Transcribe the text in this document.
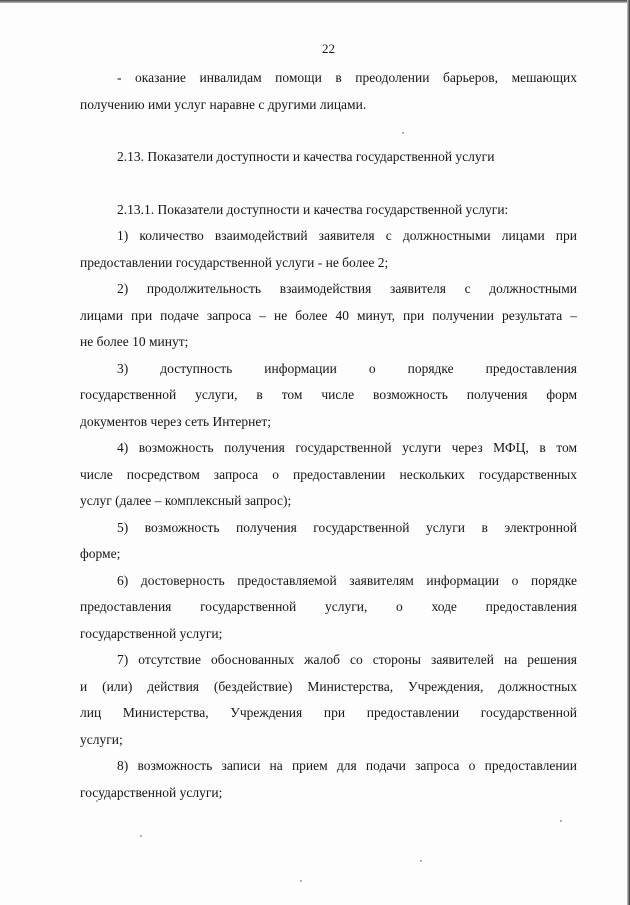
22
- оказание инвалидам помощи в преодолении барьеров, мешающих
получению ими услуг наравне с другими лицами.
2.13. Показатели доступности и качества государственной услуги
2.13.1. Показатели доступности и качества государственной услуги:
1) количество взаимодействий заявителя с должностными лицами при
предоставлении государственной услуги - не более 2;
2) продолжительность взаимодействия заявителя с должностными
лицами при подаче запроса – не более 40 минут, при получении результата –
не более 10 минут;
3) доступность информации о порядке предоставления
государственной услуги, в том числе возможность получения форм
документов через сеть Интернет;
4) возможность получения государственной услуги через МФЦ, в том
числе посредством запроса о предоставлении нескольких государственных
услуг (далее – комплексный запрос);
5) возможность получения государственной услуги в электронной
форме;
6) достоверность предоставляемой заявителям информации о порядке
предоставления государственной услуги, о ходе предоставления
государственной услуги;
7) отсутствие обоснованных жалоб со стороны заявителей на решения
и (или) действия (бездействие) Министерства, Учреждения, должностных
лиц Министерства, Учреждения при предоставлении государственной
услуги;
8) возможность записи на прием для подачи запроса о предоставлении
государственной услуги;
